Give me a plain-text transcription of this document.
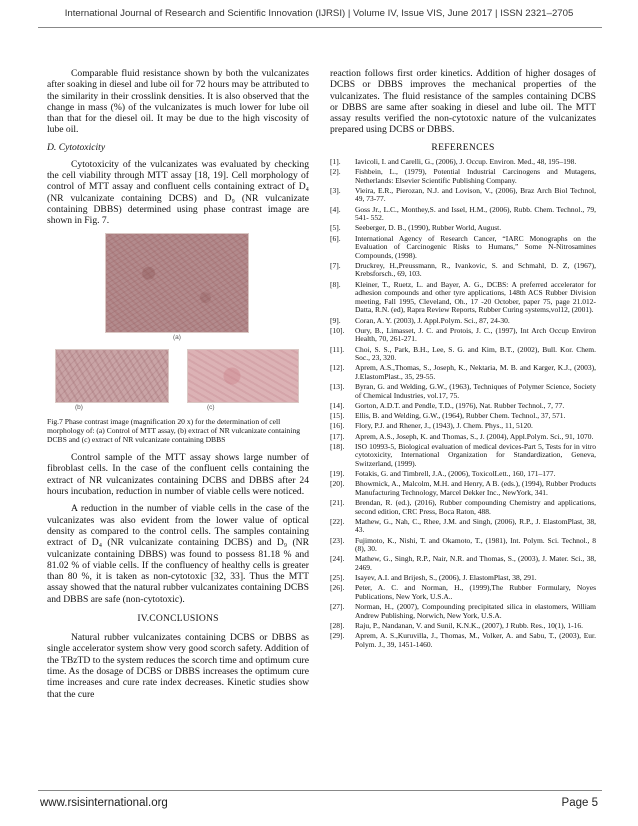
International Journal of Research and Scientific Innovation (IJRSI) | Volume IV, Issue VIS, June 2017 | ISSN 2321–2705

Comparable fluid resistance shown by both the vulcanizates after soaking in diesel and lube oil for 72 hours may be attributed to the similarity in their crosslink densities. It is also observed that the change in mass (%) of the vulcanizates is much lower for lube oil than that for the diesel oil. It may be due to the high viscosity of lube oil.

D. Cytotoxicity

Cytotoxicity of the vulcanizates was evaluated by checking the cell viability through MTT assay [18, 19]. Cell morphology of control of MTT assay and confluent cells containing extract of D₄ (NR vulcanizate containing DCBS) and D₉ (NR vulcanizate containing DBBS) determined using phase contrast image are shown in Fig. 7.

(a)
(b)	(c)

Fig.7 Phase contrast image (magnification 20 x) for the determination of cell morphology of: (a) Control of MTT assay, (b) extract of NR vulcanizate containing DCBS and (c) extract of NR vulcanizate containing DBBS

Control sample of the MTT assay shows large number of fibroblast cells. In the case of the confluent cells containing the extract of NR vulcanizates containing DCBS and DBBS after 24 hours incubation, reduction in number of viable cells were noticed.

A reduction in the number of viable cells in the case of the vulcanizates was also evident from the lower value of optical density as compared to the control cells. The samples containing extract of D₄ (NR vulcanizate containing DCBS) and D₉ (NR vulcanizate containing DBBS) was found to possess 81.18 % and 81.02 % of viable cells. If the confluency of healthy cells is greater than 80 %, it is taken as non-cytotoxic [32, 33]. Thus the MTT assay showed that the natural rubber vulcanizates containing DCBS and DBBS are safe (non-cytotoxic).

IV.CONCLUSIONS

Natural rubber vulcanizates containing DCBS or DBBS as single accelerator system show very good scorch safety. Addition of the TBzTD to the system reduces the scorch time and optimum cure time. As the dosage of DCBS or DBBS increases the optimum cure time increases and cure rate index decreases. Kinetic studies show that the cure

reaction follows first order kinetics. Addition of higher dosages of DCBS or DBBS improves the mechanical properties of the vulcanizates. The fluid resistance of the samples containing DCBS or DBBS are same after soaking in diesel and lube oil. The MTT assay results verified the non-cytotoxic nature of the vulcanizates prepared using DCBS or DBBS.

REFERENCES
[1].	Iavicoli, I. and Carelli, G., (2006), J. Occup. Environ. Med., 48, 195–198.
[2].	Fishbein, L., (1979), Potential Industrial Carcinogens and Mutagens, Netherlands: Elsevier Scientific Publishing Company.
[3].	Vieira, E.R., Pierozan, N.J. and Lovison, V., (2006), Braz Arch Biol Technol, 49, 73-77.
[4].	Goss Jr., L.C., Monthey,S. and Issel, H.M., (2006), Rubb. Chem. Technol., 79, 541- 552.
[5].	Seeberger, D. B., (1990), Rubber World, August.
[6].	International Agency of Research Cancer, “IARC Monographs on the Evaluation of Carcinogenic Risks to Humans,” Some N-Nitrosamines Compounds, (1998).
[7].	Druckrey, H.,Preussmann, R., Ivankovic, S. and Schmahl, D. Z, (1967), Krebsforsch., 69, 103.
[8].	Kleiner, T., Ruetz, L. and Bayer, A. G., DCBS: A preferred accelerator for adhesion compounds and other tyre applications, 148th ACS Rubber Division meeting, Fall 1995, Cleveland, Oh., 17 -20 October, paper 75, page 21.012- Datta, R.N. (ed), Rapra Review Reports, Rubber Curing systems,vol12, (2001).
[9].	Coran, A. Y. (2003), J. Appl.Polym. Sci., 87, 24-30.
[10].	Oury, B., Limasset, J. C. and Protois, J. C., (1997), Int Arch Occup Environ Health, 70, 261-271.
[11].	Choi, S. S., Park, B.H., Lee, S. G. and Kim, B.T., (2002), Bull. Kor. Chem. Soc., 23, 320.
[12].	Aprem, A.S.,Thomas, S., Joseph, K., Nektaria, M. B. and Karger, K.J., (2003), J.ElastomPlast., 35, 29-55.
[13].	Byran, G. and Welding, G.W., (1963), Techniques of Polymer Science, Society of Chemical Industries, vol.17, 75.
[14].	Gorton, A.D.T. and Pendle, T.D., (1976), Nat. Rubber Technol., 7, 77.
[15].	Ellis, B. and Welding, G.W., (1964), Rubber Chem. Technol., 37, 571.
[16].	Flory, P.J. and Rhener, J., (1943), J. Chem. Phys., 11, 5120.
[17].	Aprem, A.S., Joseph, K. and Thomas, S., J. (2004), Appl.Polym. Sci., 91, 1070.
[18].	ISO 10993-5, Biological evaluation of medical devices-Part 5, Tests for in vitro cytotoxicity, International Organization for Standardization, Geneva, Switzerland, (1999).
[19].	Fotakis, G. and Timbrell, J.A., (2006), ToxicolLett., 160, 171–177.
[20].	Bhowmick, A., Malcolm, M.H. and Henry, A B. (eds.), (1994), Rubber Products Manufacturing Technology, Marcel Dekker Inc., NewYork, 341.
[21].	Brendan, R. (ed.), (2016), Rubber compounding Chemistry and applications, second edition, CRC Press, Boca Raton, 488.
[22].	Mathew, G., Nah, C., Rhee, J.M. and Singh, (2006), R.P., J. ElastomPlast, 38, 43.
[23].	Fujimoto, K., Nishi, T. and Okamoto, T., (1981), Int. Polym. Sci. Technol., 8 (8), 30.
[24].	Mathew, G., Singh, R.P., Nair, N.R. and Thomas, S., (2003), J. Mater. Sci., 38, 2469.
[25].	Isayev, A.I. and Brijesh, S., (2006), J. ElastomPlast, 38, 291.
[26].	Peter, A. C. and Norman, H., (1999),The Rubber Formulary, Noyes Publications, New York, U.S.A..
[27].	Norman, H., (2007), Compounding precipitated silica in elastomers, William Andrew Publishing, Norwich, New York, U.S.A.
[28].	Raju, P., Nandanan, V. and Sunil, K.N.K., (2007), J Rubb. Res., 10(1), 1-16.
[29].	Aprem, A. S.,Kuruvilla, J., Thomas, M., Volker, A. and Sabu, T., (2003), Eur. Polym. J., 39, 1451-1460.
www.rsisinternational.org	Page 5
